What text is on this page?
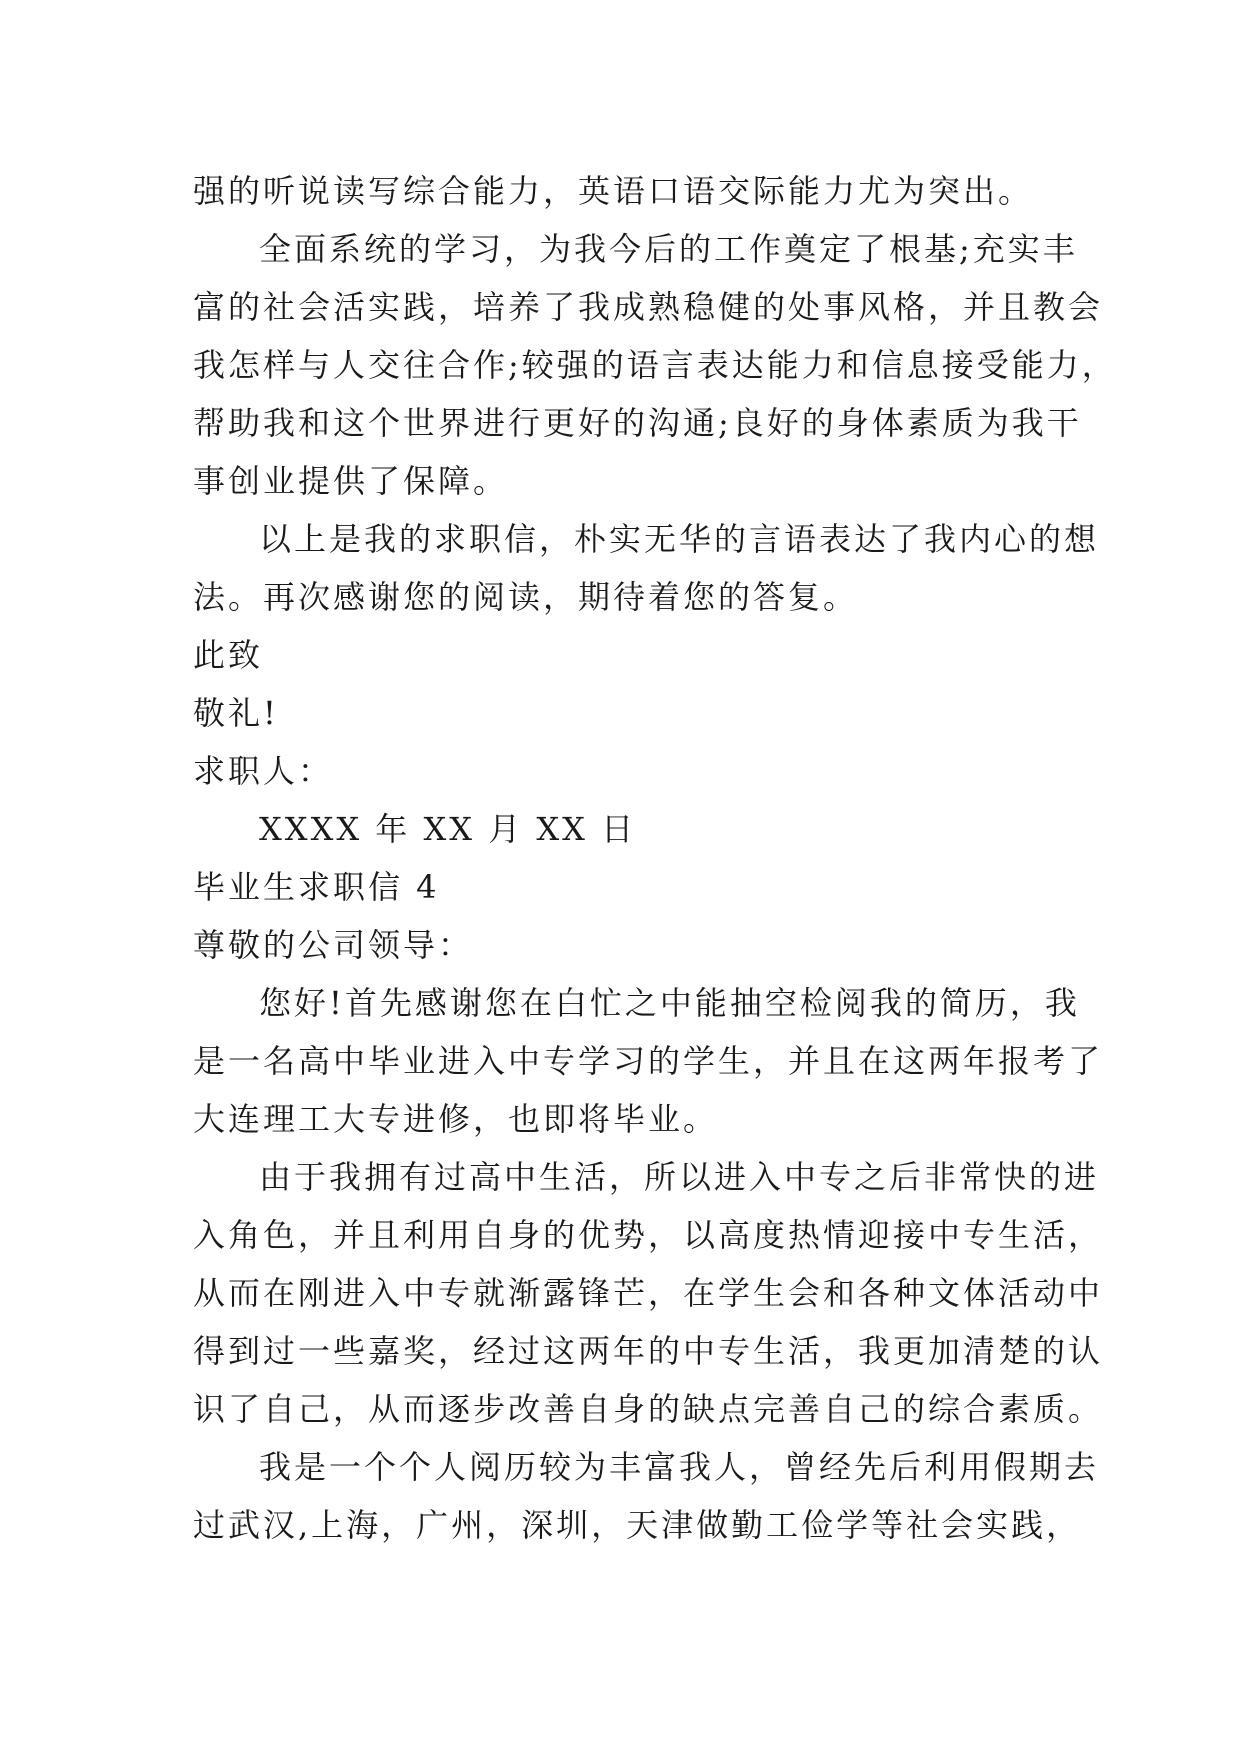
强的听说读写综合能力，英语口语交际能力尤为突出。
全面系统的学习，为我今后的工作奠定了根基;充实丰
富的社会活实践，培养了我成熟稳健的处事风格，并且教会
我怎样与人交往合作;较强的语言表达能力和信息接受能力，
帮助我和这个世界进行更好的沟通;良好的身体素质为我干
事创业提供了保障。
以上是我的求职信，朴实无华的言语表达了我内心的想
法。再次感谢您的阅读，期待着您的答复。
此致
敬礼!
求职人：
XXXX 年 XX 月 XX 日
毕业生求职信 4
尊敬的公司领导：
您好!首先感谢您在白忙之中能抽空检阅我的简历，我
是一名高中毕业进入中专学习的学生，并且在这两年报考了
大连理工大专进修，也即将毕业。
由于我拥有过高中生活，所以进入中专之后非常快的进
入角色，并且利用自身的优势，以高度热情迎接中专生活，
从而在刚进入中专就渐露锋芒，在学生会和各种文体活动中
得到过一些嘉奖，经过这两年的中专生活，我更加清楚的认
识了自己，从而逐步改善自身的缺点完善自己的综合素质。
我是一个个人阅历较为丰富我人，曾经先后利用假期去
过武汉,上海，广州，深圳，天津做勤工俭学等社会实践，
